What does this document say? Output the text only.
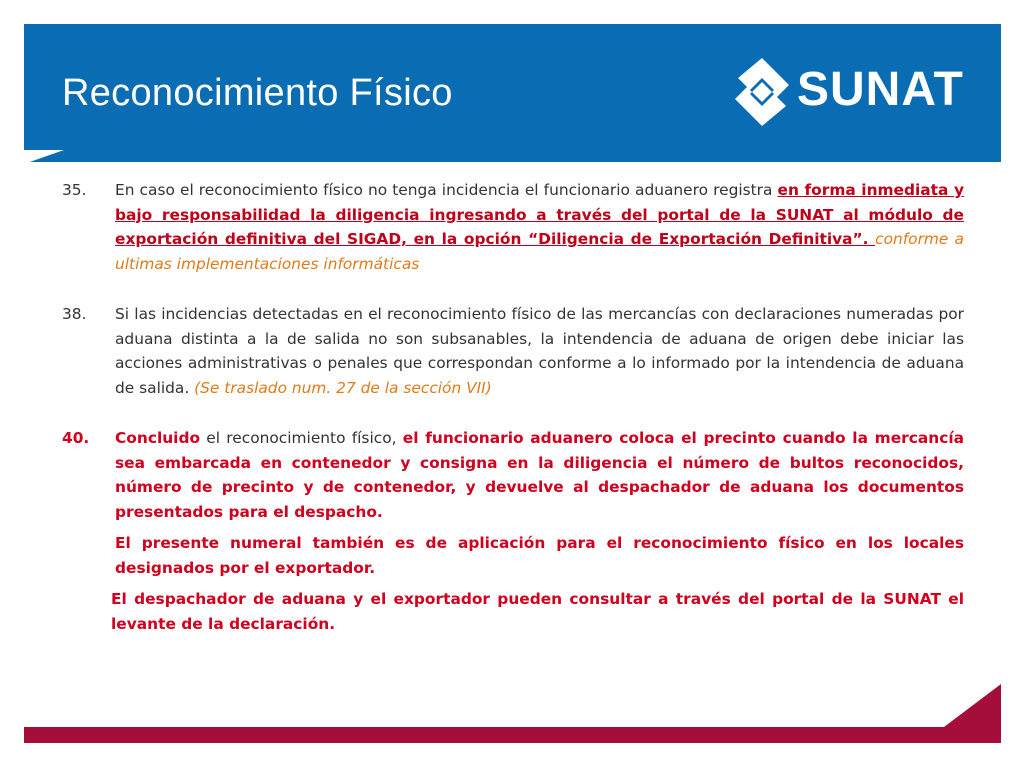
Reconocimiento Físico	SUNAT
35.	En caso el reconocimiento físico no tenga incidencia el funcionario aduanero registra en forma inmediata y bajo responsabilidad la diligencia ingresando a través del portal de la SUNAT al módulo de exportación definitiva del SIGAD, en la opción “Diligencia de Exportación Definitiva”. conforme a ultimas implementaciones informáticas
38.	Si las incidencias detectadas en el reconocimiento físico de las mercancías con declaraciones numeradas por aduana distinta a la de salida no son subsanables, la intendencia de aduana de origen debe iniciar las acciones administrativas o penales que correspondan conforme a lo informado por la intendencia de aduana de salida. (Se traslado num. 27 de la sección VII)
40.	Concluido el reconocimiento físico, el funcionario aduanero coloca el precinto cuando la mercancía sea embarcada en contenedor y consigna en la diligencia el número de bultos reconocidos, número de precinto y de contenedor, y devuelve al despachador de aduana los documentos presentados para el despacho.
El presente numeral también es de aplicación para el reconocimiento físico en los locales designados por el exportador.
El despachador de aduana y el exportador pueden consultar a través del portal de la SUNAT el levante de la declaración.
